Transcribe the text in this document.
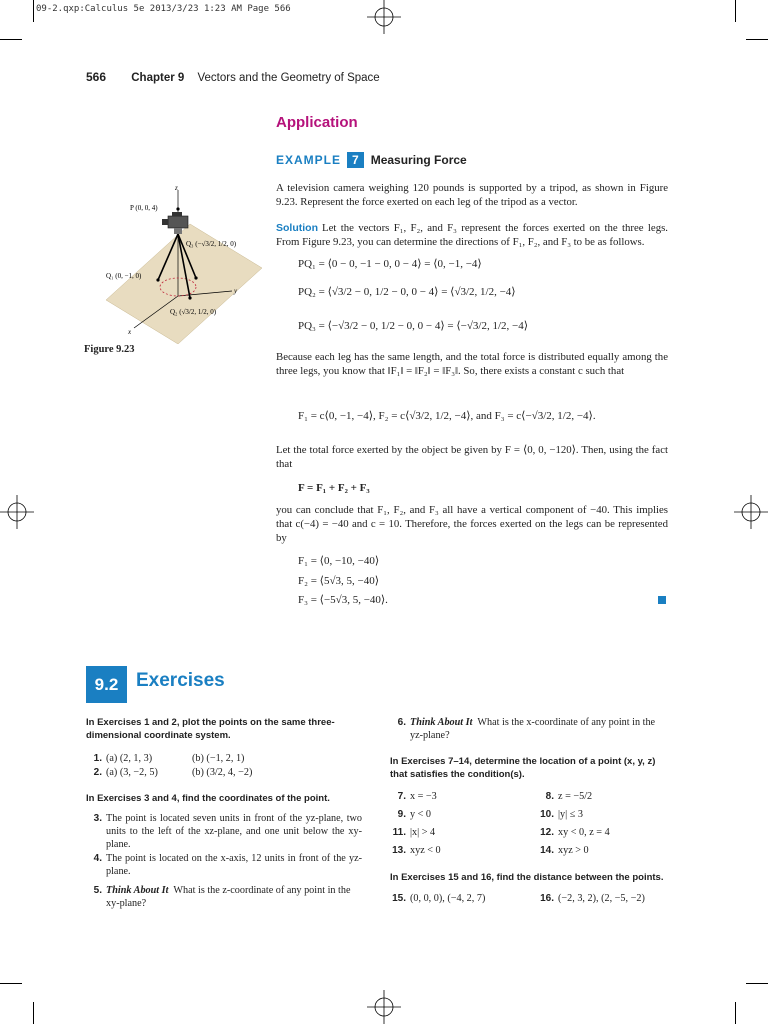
09-2.qxp:Calculus 5e 2013/3/23 1:23 AM Page 566
566 Chapter 9 Vectors and the Geometry of Space
Application
EXAMPLE 7	Measuring Force
A television camera weighing 120 pounds is supported by a tripod, as shown in Figure 9.23. Represent the force exerted on each leg of the tripod as a vector.
Solution Let the vectors F₁, F₂, and F₃ represent the forces exerted on the three legs. From Figure 9.23, you can determine the directions of F₁, F₂, and F₃ to be as follows.
PQ₁ = ⟨0 − 0, −1 − 0, 0 − 4⟩ = ⟨0, −1, −4⟩
PQ₂ = ⟨√3/2 − 0, 1/2 − 0, 0 − 4⟩ = ⟨√3/2, 1/2, −4⟩
PQ₃ = ⟨−√3/2 − 0, 1/2 − 0, 0 − 4⟩ = ⟨−√3/2, 1/2, −4⟩
Because each leg has the same length, and the total force is distributed equally among the three legs, you know that ‖F₁‖ = ‖F₂‖ = ‖F₃‖. So, there exists a constant c such that
F₁ = c⟨0, −1, −4⟩, F₂ = c⟨√3/2, 1/2, −4⟩, and F₃ = c⟨−√3/2, 1/2, −4⟩.
Let the total force exerted by the object be given by F = ⟨0, 0, −120⟩. Then, using the fact that
F = F₁ + F₂ + F₃
you can conclude that F₁, F₂, and F₃ all have a vertical component of −40. This implies that c(−4) = −40 and c = 10. Therefore, the forces exerted on the legs can be represented by
F₁ = ⟨0, −10, −40⟩
F₂ = ⟨5√3, 5, −40⟩
F₃ = ⟨−5√3, 5, −40⟩.
z
y
x
P (0, 0, 4)
Q₃ (−√3/2, 1/2, 0)
Q₁ (0, −1, 0)
Q₂ (√3/2, 1/2, 0)
Figure 9.23
9.2 Exercises
In Exercises 1 and 2, plot the points on the same three-dimensional coordinate system.
1. (a) (2, 1, 3)	(b) (−1, 2, 1)
2. (a) (3, −2, 5)	(b) (3/2, 4, −2)
In Exercises 3 and 4, find the coordinates of the point.
3. The point is located seven units in front of the yz-plane, two units to the left of the xz-plane, and one unit below the xy-plane.
4. The point is located on the x-axis, 12 units in front of the yz-plane.
5. Think About It What is the z-coordinate of any point in the xy-plane?
6. Think About It What is the x-coordinate of any point in the yz-plane?
In Exercises 7–14, determine the location of a point (x, y, z) that satisfies the condition(s).
7. x = −3	8. z = −5/2
9. y < 0	10. |y| ≤ 3
11. |x| > 4	12. xy < 0, z = 4
13. xyz < 0	14. xyz > 0
In Exercises 15 and 16, find the distance between the points.
15. (0, 0, 0), (−4, 2, 7)	16. (−2, 3, 2), (2, −5, −2)
